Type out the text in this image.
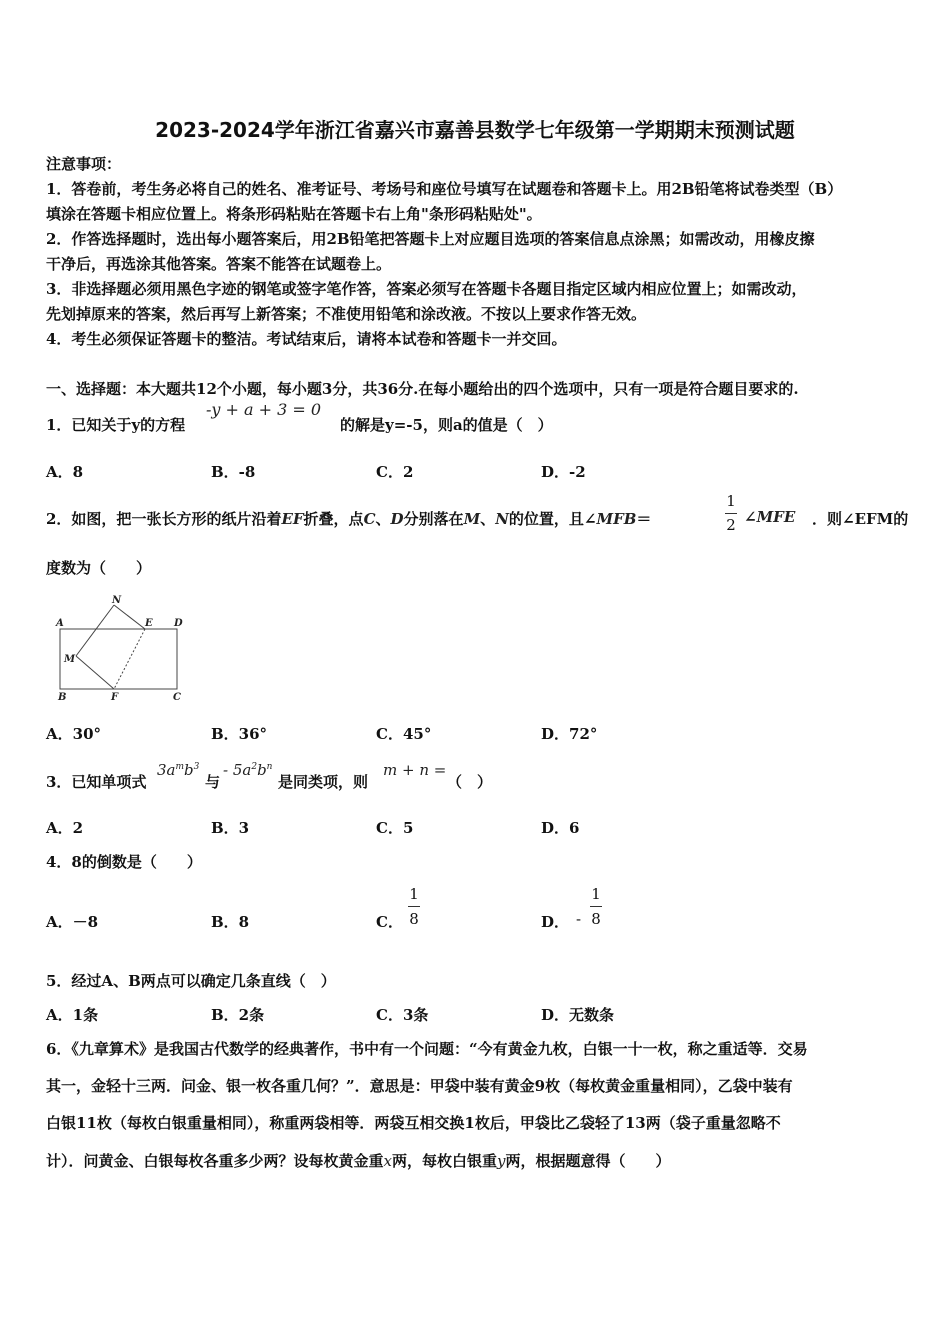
2023-2024学年浙江省嘉兴市嘉善县数学七年级第一学期期末预测试题
注意事项：
1．答卷前，考生务必将自己的姓名、准考证号、考场号和座位号填写在试题卷和答题卡上。用2B铅笔将试卷类型（B）
填涂在答题卡相应位置上。将条形码粘贴在答题卡右上角"条形码粘贴处"。
2．作答选择题时，选出每小题答案后，用2B铅笔把答题卡上对应题目选项的答案信息点涂黑；如需改动，用橡皮擦
干净后，再选涂其他答案。答案不能答在试题卷上。
3．非选择题必须用黑色字迹的钢笔或签字笔作答，答案必须写在答题卡各题目指定区域内相应位置上；如需改动，
先划掉原来的答案，然后再写上新答案；不准使用铅笔和涂改液。不按以上要求作答无效。
4．考生必须保证答题卡的整洁。考试结束后，请将本试卷和答题卡一并交回。
一、选择题：本大题共12个小题，每小题3分，共36分.在每小题给出的四个选项中，只有一项是符合题目要求的.
1．已知关于y的方程
-y + a + 3 = 0
的解是y=-5，则a的值是（　）
A．8	B．-8	C．2	D．-2
2．如图，把一张长方形的纸片沿着EF折叠，点C、D分别落在M、N的位置，且∠MFB＝
1
2 ∠MFE ．则∠EFM的
度数为（　　）
A
N
E D
M
B	F	C
A．30°	B．36°	C．45°	D．72°
3．已知单项式
$3a^mb^3$
与
- $5a^2b^n$
是同类项，则
m + n =
（　）
A．2	B．3	C．5	D．6
4．8的倒数是（　　）
A．－8	B．8	C．
1
8	D． -
1
8
5．经过A、B两点可以确定几条直线（　）
A．1条	B．2条	C．3条	D．无数条
6．《九章算术》是我国古代数学的经典著作，书中有一个问题：“今有黄金九枚，白银一十一枚，称之重适等．交易
其一，金轻十三两．问金、银一枚各重几何？”．意思是：甲袋中装有黄金9枚（每枚黄金重量相同），乙袋中装有
白银11枚（每枚白银重量相同），称重两袋相等．两袋互相交换1枚后，甲袋比乙袋轻了13两（袋子重量忽略不
计）．问黄金、白银每枚各重多少两？设每枚黄金重x两，每枚白银重y两，根据题意得（　　）
